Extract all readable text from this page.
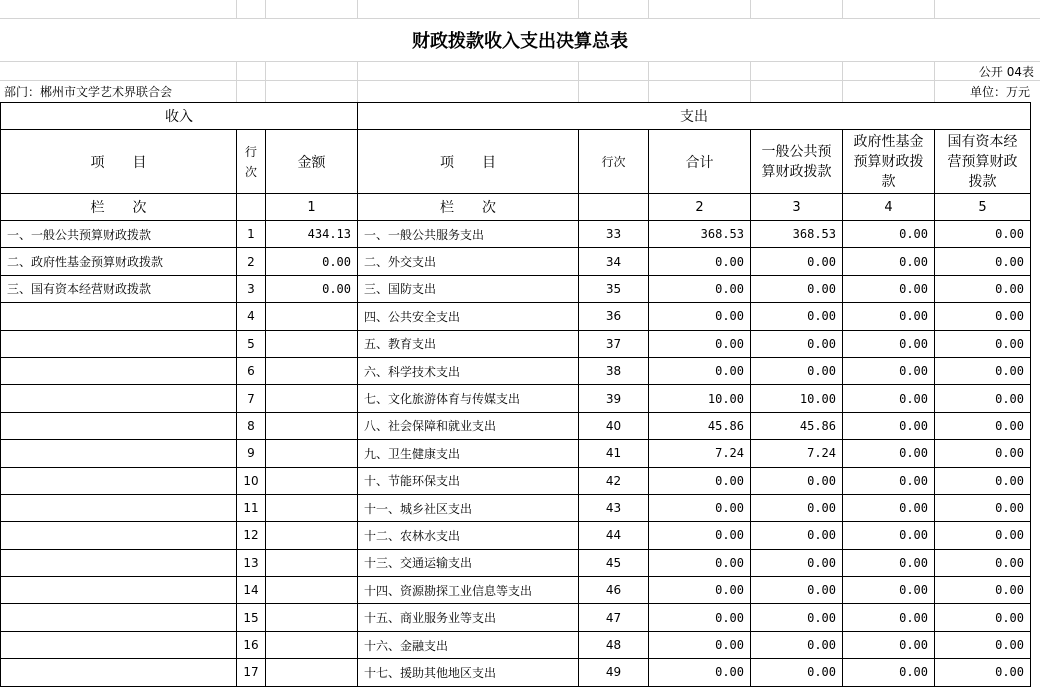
财政拨款收入支出决算总表
公开 04表
部门：郴州市文学艺术界联合会	单位：万元
收入			支出					
项　　目	行次	金额	项　　目	行次	合计	一般公共预算财政拨款	政府性基金预算财政拨款	国有资本经营预算财政拨款
栏　　次		1	栏　　次		2	3	4	5

一、一般公共预算财政拨款	1	434.13	一、一般公共服务支出	33	368.53	368.53	0.00	0.00

二、政府性基金预算财政拨款	2	0.00	二、外交支出	34	0.00	0.00	0.00	0.00

三、国有资本经营财政拨款	3	0.00	三、国防支出	35	0.00	0.00	0.00	0.00

	4		四、公共安全支出	36	0.00	0.00	0.00	0.00

	5		五、教育支出	37	0.00	0.00	0.00	0.00

	6		六、科学技术支出	38	0.00	0.00	0.00	0.00

	7		七、文化旅游体育与传媒支出	39	10.00	10.00	0.00	0.00

	8		八、社会保障和就业支出	40	45.86	45.86	0.00	0.00

	9		九、卫生健康支出	41	7.24	7.24	0.00	0.00

	10		十、节能环保支出	42	0.00	0.00	0.00	0.00

	11		十一、城乡社区支出	43	0.00	0.00	0.00	0.00

	12		十二、农林水支出	44	0.00	0.00	0.00	0.00

	13		十三、交通运输支出	45	0.00	0.00	0.00	0.00

	14		十四、资源勘探工业信息等支出	46	0.00	0.00	0.00	0.00

	15		十五、商业服务业等支出	47	0.00	0.00	0.00	0.00

	16		十六、金融支出	48	0.00	0.00	0.00	0.00

	17		十七、援助其他地区支出	49	0.00	0.00	0.00	0.00
